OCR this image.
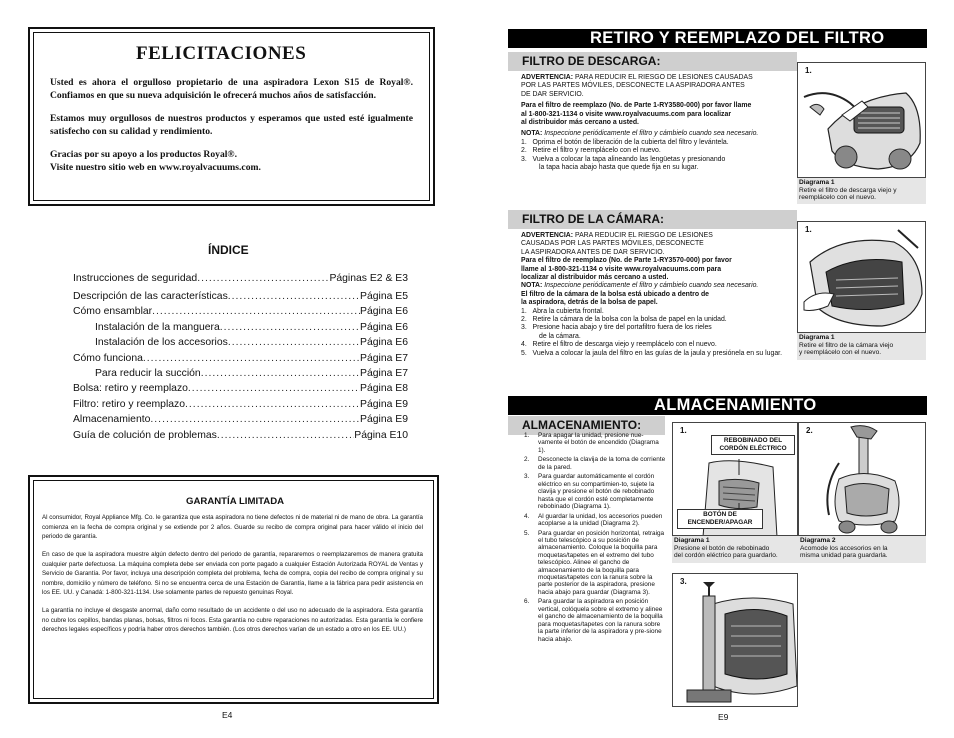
FELICITACIONES

Usted es ahora el orgulloso propietario de una aspiradora Lexon S15 de Royal®. Confiamos en que su nueva adquisición le ofrecerá muchos años de satisfacción.

Estamos muy orgullosos de nuestros productos y esperamos que usted esté igualmente satisfecho con su calidad y rendimiento.

Gracias por su apoyo a los productos Royal®.
Visite nuestro sitio web en www.royalvacuums.com.

ÍNDICE
Instrucciones de seguridad .....	Páginas E2 & E3
Descripción de las características .....	Página E5
Cómo ensamblar .....	Página E6
Instalación de la manguera .....	Página E6
Instalación de los accesorios .....	Página E6
Cómo funciona .....	Página E7
Para reducir la succión .....	Página E7
Bolsa: retiro y reemplazo .....	Página E8
Filtro: retiro y reemplazo .....	Página E9
Almacenamiento .....	Página E9
Guía de colución de problemas .....	Página E10
GARANTÍA LIMITADA

Al consumidor, Royal Appliance Mfg. Co. le garantiza que esta aspiradora no tiene defectos ni de material ni de mano de obra. La garantía comienza en la fecha de compra original y se extiende por 2 años. Guarde su recibo de compra original para hacer válido el inicio del periodo de garantía.

En caso de que la aspiradora muestre algún defecto dentro del periodo de garantía, repararemos o reemplazaremos de manera gratuita cualquier parte defectuosa. La máquina completa debe ser enviada con porte pagado a cualquier Estación Autorizada ROYAL de Ventas y Servicio de Garantía. Por favor, incluya una descripción completa del problema, fecha de compra, copia del recibo de compra original y su nombre, domicilio y número de teléfono. Si no se encuentra cerca de una Estación de Garantía, llame a la fábrica para pedir asistencia en los EE. UU. y Canadá: 1-800-321-1134. Use solamente partes de repuesto genuinas Royal.

La garantía no incluye el desgaste anormal, daño como resultado de un accidente o del uso no adecuado de la aspiradora. Esta garantía no cubre los cepillos, bandas planas, bolsas, filtros ni focos. Esta garantía no cubre reparaciones no autorizadas. Esta garantía le confiere derechos legales específicos y podría haber otros derechos también. (Los otros derechos varían de un estado a otro en los EE. UU.)

E4
RETIRO Y REEMPLAZO DEL FILTRO
FILTRO DE DESCARGA:

ADVERTENCIA: PARA REDUCIR EL RIESGO DE LESIONES CAUSADAS
POR LAS PARTES MÓVILES, DESCONECTE LA ASPIRADORA ANTES
DE DAR SERVICIO.

Para el filtro de reemplazo (No. de Parte 1-RY3580-000) por favor llame
al 1-800-321-1134 o visite www.royalvacuums.com para localizar
al distribuidor más cercano a usted.

NOTA: Inspeccione periódicamente el filtro y cámbielo cuando sea necesario.

1. Oprima el botón de liberación de la cubierta del filtro y levántela.
2. Retire el filtro y reemplácelo con el nuevo.
3. Vuelva a colocar la tapa alineando las lengüetas y presionando
la tapa hacia abajo hasta que quede fija en su lugar.
1.
Diagrama 1
Retire el filtro de descarga viejo y
reemplácelo con el nuevo.
FILTRO DE LA CÁMARA:

ADVERTENCIA: PARA REDUCIR EL RIESGO DE LESIONES
CAUSADAS POR LAS PARTES MÓVILES, DESCONECTE
LA ASPIRADORA ANTES DE DAR SERVICIO.

Para el filtro de reemplazo (No. de Parte 1-RY3570-000) por favor
llame al 1-800-321-1134 o visite www.royalvacuums.com para
localizar al distribuidor más cercano a usted.

NOTA: Inspeccione periódicamente el filtro y cámbielo cuando sea necesario.

El filtro de la cámara de la bolsa está ubicado a dentro de
la aspiradora, detrás de la bolsa de papel.

1. Abra la cubierta frontal.
2. Retire la cámara de la bolsa con la bolsa de papel en la unidad.
3. Presione hacia abajo y tire del portafiltro fuera de los rieles
de la cámara.
4. Retire el filtro de descarga viejo y reemplácelo con el nuevo.
5. Vuelva a colocar la jaula del filtro en las guías de la jaula y presiónela en su lugar.
1.
Diagrama 1
Retire el filtro de la cámara viejo
y reemplácelo con el nuevo.
ALMACENAMIENTO
ALMACENAMIENTO:
1. Para apagar la unidad, presione nue-vamente el botón de encendido (Diagrama 1).
2. Desconecte la clavija de la toma de corriente de la pared.
3. Para guardar automáticamente el cordón eléctrico en su compartimien-to, sujete la clavija y presione el botón de rebobinado hasta que el cordón esté completamente rebobinado (Diagrama 1).
4. Al guardar la unidad, los accesorios pueden acoplarse a la unidad (Diagrama 2).
5. Para guardar en posición horizontal, retraiga el tubo telescópico a su posición de almacenamiento. Coloque la boquilla para moquetas/tapetes en el extremo del tubo telescópico. Alinee el gancho de almacenamiento de la boquilla para moquetas/tapetes con la ranura sobre la parte posterior de la aspiradora, presione hacia abajo para guardar (Diagrama 3).
6. Para guardar la aspiradora en posición vertical, colóquela sobre el extremo y alinee el gancho de almacenamiento de la boquilla para moquetas/tapetes con la ranura sobre la parte inferior de la aspiradora y pre-sione hacia abajo.
1.
REBOBINADO DEL
CORDÓN ELÉCTRICO
BOTÓN DE
ENCENDER/APAGAR
Diagrama 1
Presione el botón de rebobinado
del cordón eléctrico para guardarlo.
2.
Diagrama 2
Acomode los accesorios en la
misma unidad para guardarla.
3.
E9
